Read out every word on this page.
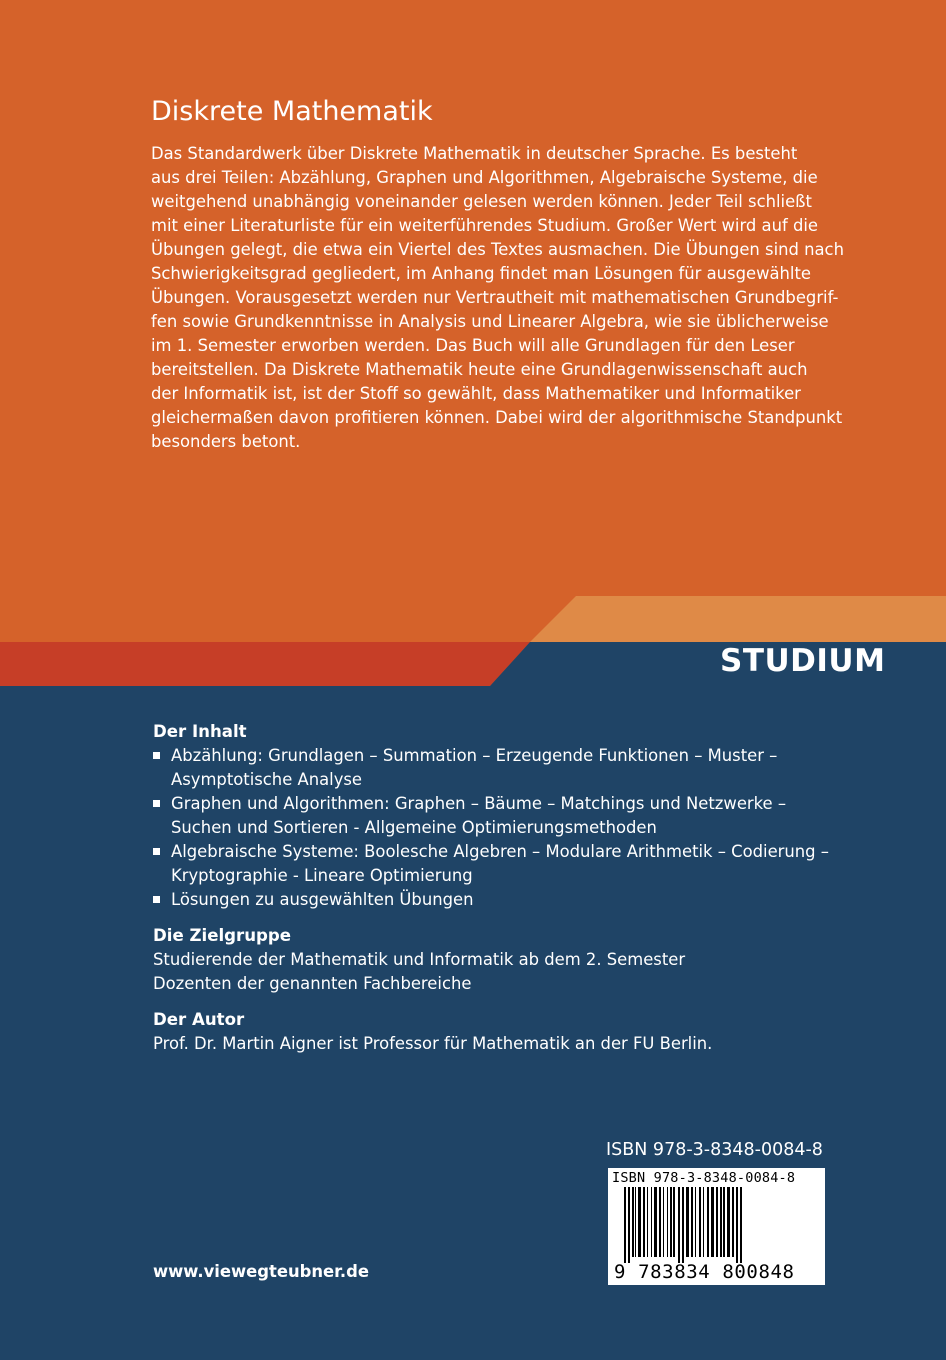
Diskrete Mathematik
Das Standardwerk über Diskrete Mathematik in deutscher Sprache. Es besteht
aus drei Teilen: Abzählung, Graphen und Algorithmen, Algebraische Systeme, die
weitgehend unabhängig voneinander gelesen werden können. Jeder Teil schließt
mit einer Literaturliste für ein weiterführendes Studium. Großer Wert wird auf die
Übungen gelegt, die etwa ein Viertel des Textes ausmachen. Die Übungen sind nach
Schwierigkeitsgrad gegliedert, im Anhang findet man Lösungen für ausgewählte
Übungen. Vorausgesetzt werden nur Vertrautheit mit mathematischen Grundbegrif-
fen sowie Grundkenntnisse in Analysis und Linearer Algebra, wie sie üblicherweise
im 1. Semester erworben werden. Das Buch will alle Grundlagen für den Leser
bereitstellen. Da Diskrete Mathematik heute eine Grundlagenwissenschaft auch
der Informatik ist, ist der Stoff so gewählt, dass Mathematiker und Informatiker
gleichermaßen davon profitieren können. Dabei wird der algorithmische Standpunkt
besonders betont.
STUDIUM
Der Inhalt
Abzählung: Grundlagen – Summation – Erzeugende Funktionen – Muster –
Asymptotische Analyse
Graphen und Algorithmen: Graphen – Bäume – Matchings und Netzwerke –
Suchen und Sortieren - Allgemeine Optimierungsmethoden
Algebraische Systeme: Boolesche Algebren – Modulare Arithmetik – Codierung –
Kryptographie - Lineare Optimierung
Lösungen zu ausgewählten Übungen
Die Zielgruppe
Studierende der Mathematik und Informatik ab dem 2. Semester
Dozenten der genannten Fachbereiche
Der Autor
Prof. Dr. Martin Aigner ist Professor für Mathematik an der FU Berlin.
www.viewegteubner.de
ISBN 978-3-8348-0084-8
ISBN 978-3-8348-0084-8
9 783834 800848
